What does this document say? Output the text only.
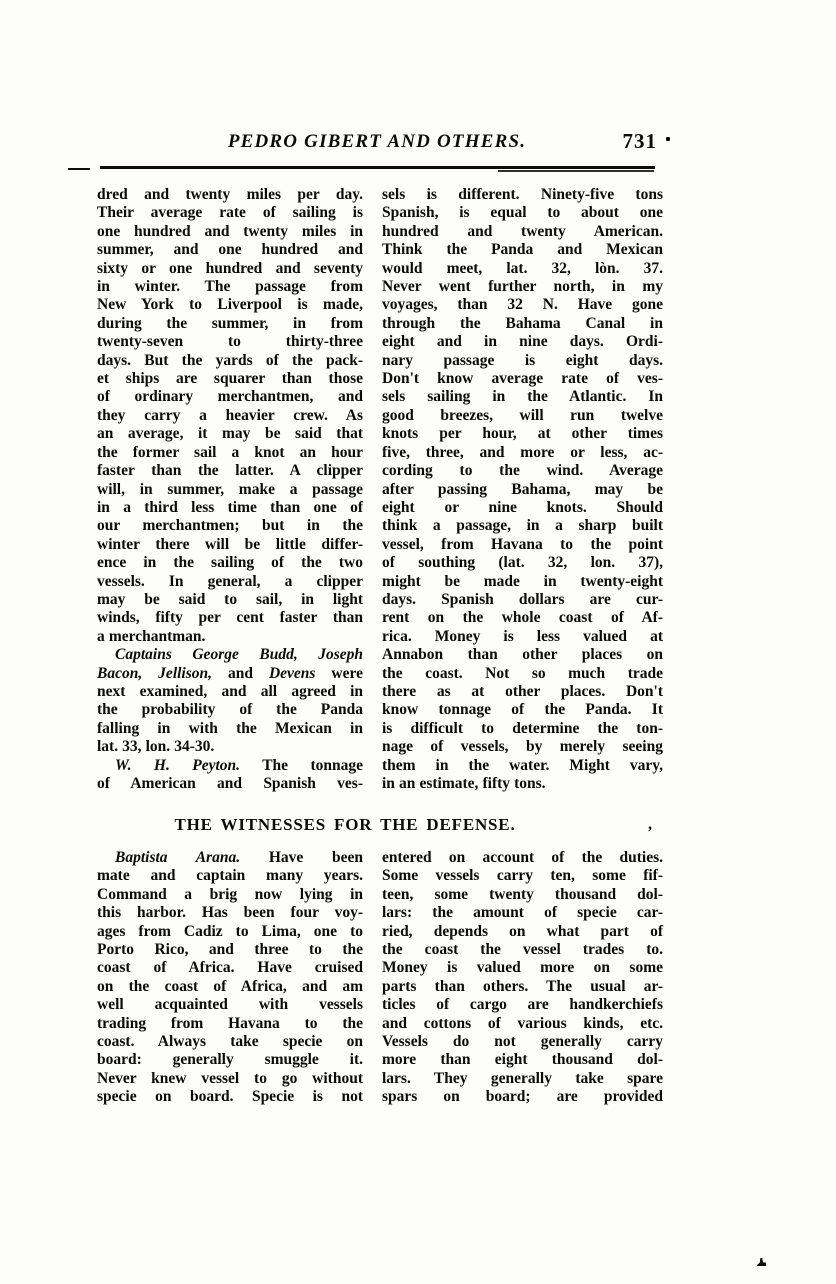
PEDRO GIBERT AND OTHERS.	731
dred and twenty miles per day.
Their average rate of sailing is
one hundred and twenty miles in
summer, and one hundred and
sixty or one hundred and seventy
in winter. The passage from
New York to Liverpool is made,
during the summer, in from
twenty-seven to thirty-three
days. But the yards of the pack-
et ships are squarer than those
of ordinary merchantmen, and
they carry a heavier crew. As
an average, it may be said that
the former sail a knot an hour
faster than the latter. A clipper
will, in summer, make a passage
in a third less time than one of
our merchantmen; but in the
winter there will be little differ-
ence in the sailing of the two
vessels. In general, a clipper
may be said to sail, in light
winds, fifty per cent faster than
a merchantman.
Captains George Budd, Joseph
Bacon, Jellison, and Devens were
next examined, and all agreed in
the probability of the Panda
falling in with the Mexican in
lat. 33, lon. 34-30.
W. H. Peyton. The tonnage
of American and Spanish ves-
sels is different. Ninety-five tons
Spanish, is equal to about one
hundred and twenty American.
Think the Panda and Mexican
would meet, lat. 32, lòn. 37.
Never went further north, in my
voyages, than 32 N. Have gone
through the Bahama Canal in
eight and in nine days. Ordi-
nary passage is eight days.
Don't know average rate of ves-
sels sailing in the Atlantic. In
good breezes, will run twelve
knots per hour, at other times
five, three, and more or less, ac-
cording to the wind. Average
after passing Bahama, may be
eight or nine knots. Should
think a passage, in a sharp built
vessel, from Havana to the point
of southing (lat. 32, lon. 37),
might be made in twenty-eight
days. Spanish dollars are cur-
rent on the whole coast of Af-
rica. Money is less valued at
Annabon than other places on
the coast. Not so much trade
there as at other places. Don't
know tonnage of the Panda. It
is difficult to determine the ton-
nage of vessels, by merely seeing
them in the water. Might vary,
in an estimate, fifty tons.
THE WITNESSES FOR THE DEFENSE.	,
Baptista Arana. Have been
mate and captain many years.
Command a brig now lying in
this harbor. Has been four voy-
ages from Cadiz to Lima, one to
Porto Rico, and three to the
coast of Africa. Have cruised
on the coast of Africa, and am
well acquainted with vessels
trading from Havana to the
coast. Always take specie on
board: generally smuggle it.
Never knew vessel to go without
specie on board. Specie is not
entered on account of the duties.
Some vessels carry ten, some fif-
teen, some twenty thousand dol-
lars: the amount of specie car-
ried, depends on what part of
the coast the vessel trades to.
Money is valued more on some
parts than others. The usual ar-
ticles of cargo are handkerchiefs
and cottons of various kinds, etc.
Vessels do not generally carry
more than eight thousand dol-
lars. They generally take spare
spars on board; are provided
